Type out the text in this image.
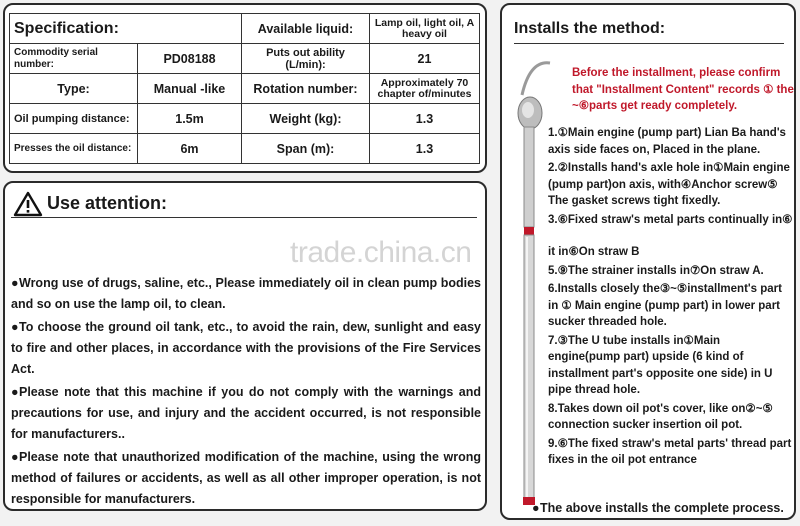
Specification:		Available liquid:	Lamp oil, light oil, A heavy oil
Commodity serial number:	PD08188	Puts out ability (L/min):	21
Type:	Manual -like	Rotation number:	Approximately 70 chapter of/minutes
Oil pumping distance:	1.5m	Weight (kg):	1.3
Presses the oil distance:	6m	Span (m):	1.3
Use attention:
●Wrong use of drugs, saline, etc., Please immediately oil in clean pump bodies and so on use the lamp oil, to clean.
●To choose the ground oil tank, etc., to avoid the rain, dew, sunlight and easy to fire and other places, in accordance with the provisions of the Fire Services Act.
●Please note that this machine if you do not comply with the warnings and precautions for use, and injury and the accident occurred, is not responsible for manufacturers..
●Please note that unauthorized modification of the machine, using the wrong method of failures or accidents, as well as all other improper operation, is not responsible for manufacturers.
Installs the method:
Before the installment, please confirm that "Installment Content" records ① the ~⑥parts get ready completely.

1.①Main engine (pump part) Lian Ba hand's axis side faces on, Placed in the plane.

2.②Installs hand's axle hole in①Main engine (pump part)on axis, with④Anchor screw⑤ The gasket screws tight fixedly.

3.⑥Fixed straw's metal parts continually in⑥

it in⑥On straw B

5.⑨The strainer installs in⑦On straw A.

6.Installs closely the③~⑤installment's part in ① Main engine (pump part) in lower part sucker threaded hole.

7.③The U tube installs in①Main engine(pump part) upside (6 kind of installment part's opposite one side) in U pipe thread hole.

8.Takes down oil pot's cover, like on②~⑤ connection sucker insertion oil pot.

9.⑥The fixed straw's metal parts' thread part fixes in the oil pot entrance

●The above installs the complete process.
trade.china.cn
